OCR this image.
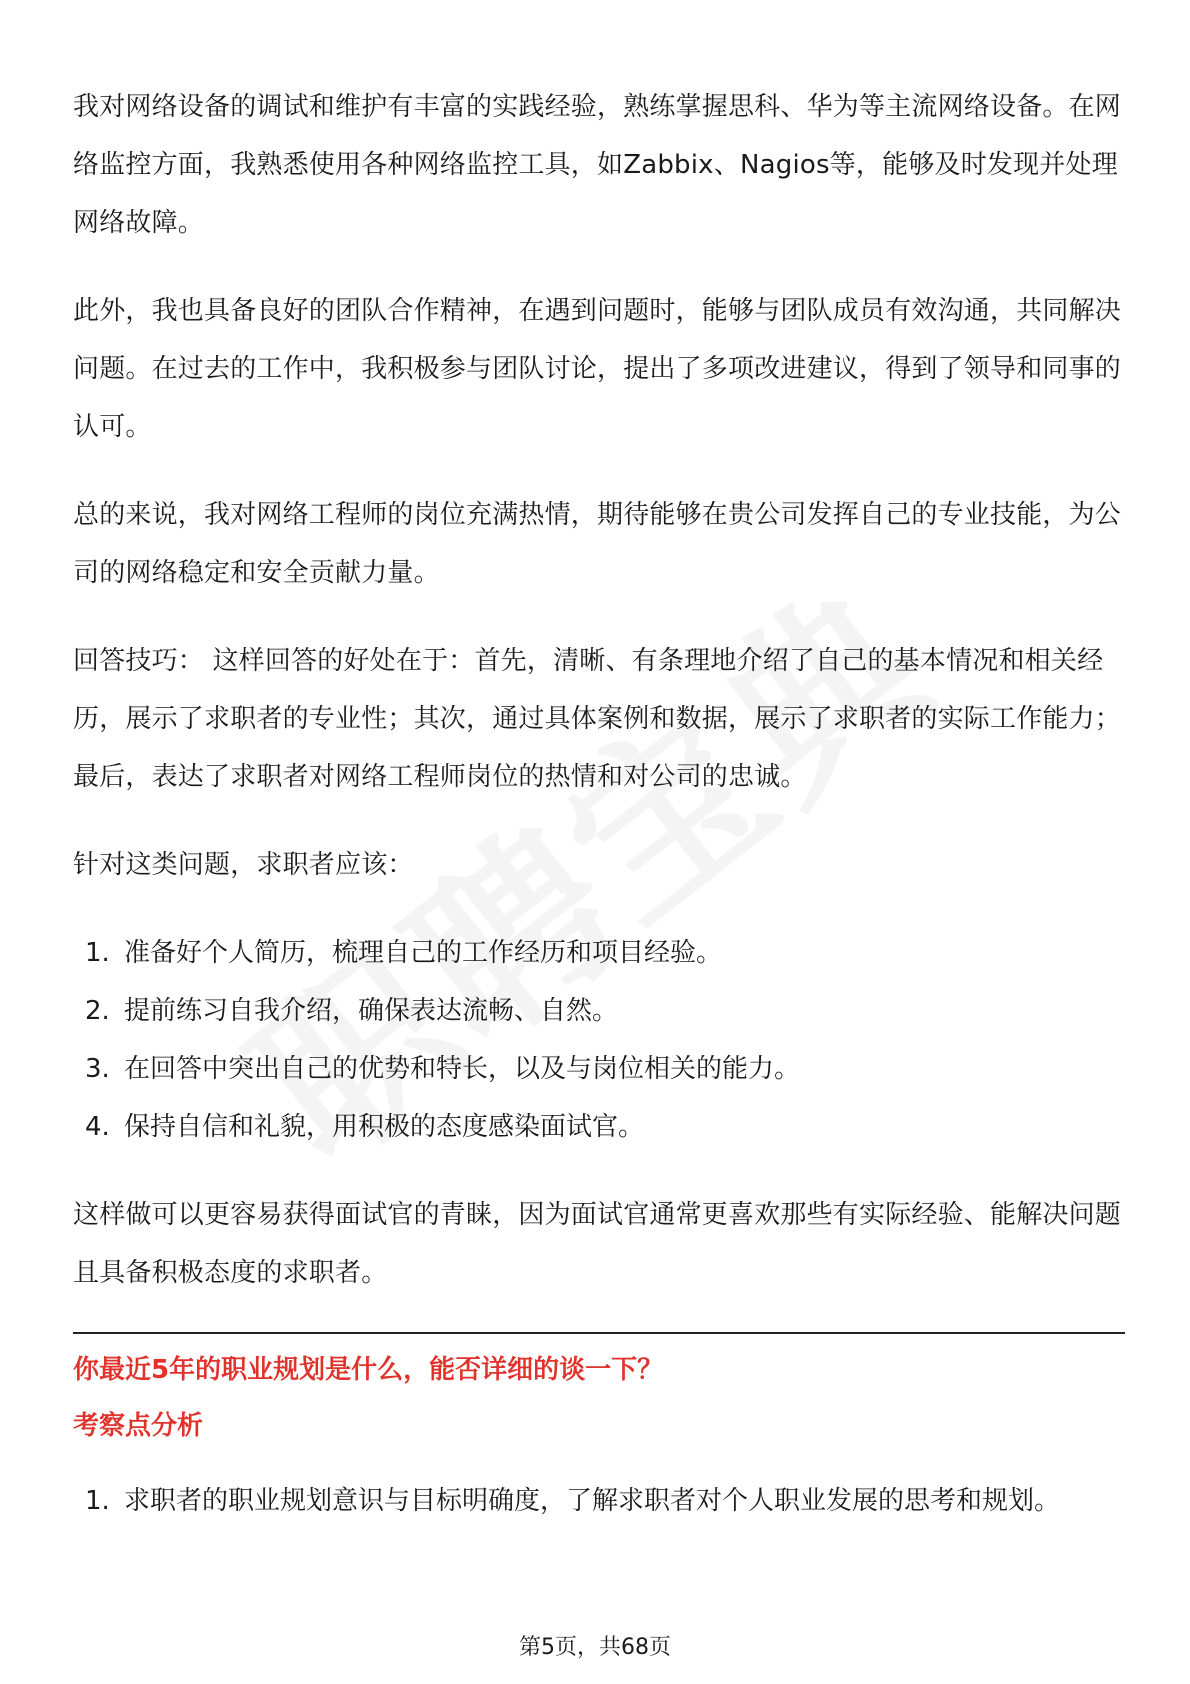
我对网络设备的调试和维护有丰富的实践经验，熟练掌握思科、华为等主流网络设备。在网络监控方面，我熟悉使用各种网络监控工具，如Zabbix、Nagios等，能够及时发现并处理网络故障。

此外，我也具备良好的团队合作精神，在遇到问题时，能够与团队成员有效沟通，共同解决问题。在过去的工作中，我积极参与团队讨论，提出了多项改进建议，得到了领导和同事的认可。

总的来说，我对网络工程师的岗位充满热情，期待能够在贵公司发挥自己的专业技能，为公司的网络稳定和安全贡献力量。

回答技巧： 这样回答的好处在于：首先，清晰、有条理地介绍了自己的基本情况和相关经历，展示了求职者的专业性；其次，通过具体案例和数据，展示了求职者的实际工作能力；最后，表达了求职者对网络工程师岗位的热情和对公司的忠诚。

针对这类问题，求职者应该：

1. 准备好个人简历，梳理自己的工作经历和项目经验。
2. 提前练习自我介绍，确保表达流畅、自然。
3. 在回答中突出自己的优势和特长，以及与岗位相关的能力。
4. 保持自信和礼貌，用积极的态度感染面试官。

这样做可以更容易获得面试官的青睐，因为面试官通常更喜欢那些有实际经验、能解决问题且具备积极态度的求职者。

你最近5年的职业规划是什么，能否详细的谈一下？
考察点分析
1. 求职者的职业规划意识与目标明确度，了解求职者对个人职业发展的思考和规划。
第5页，共68页
